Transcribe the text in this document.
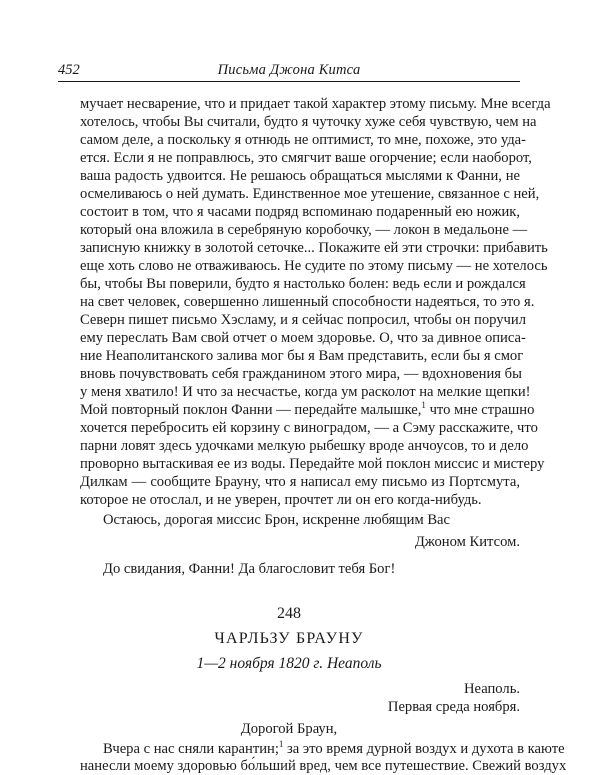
452	Письма Джона Китса
мучает несварение, что и придает такой характер этому письму. Мне всегда
хотелось, чтобы Вы считали, будто я чуточку хуже себя чувствую, чем на
самом деле, а поскольку я отнюдь не оптимист, то мне, похоже, это уда-
ется. Если я не поправлюсь, это смягчит ваше огорчение; если наоборот,
ваша радость удвоится. Не решаюсь обращаться мыслями к Фанни, не
осмеливаюсь о ней думать. Единственное мое утешение, связанное с ней,
состоит в том, что я часами подряд вспоминаю подаренный ею ножик,
который она вложила в серебряную коробочку, — локон в медальоне —
записную книжку в золотой сеточке... Покажите ей эти строчки: прибавить
еще хоть слово не отваживаюсь. Не судите по этому письму — не хотелось
бы, чтобы Вы поверили, будто я настолько болен: ведь если и рождался
на свет человек, совершенно лишенный способности надеяться, то это я.
Северн пишет письмо Хэсламу, и я сейчас попросил, чтобы он поручил
ему переслать Вам свой отчет о моем здоровье. О, что за дивное описа-
ние Неаполитанского залива мог бы я Вам представить, если бы я смог
вновь почувствовать себя гражданином этого мира, — вдохновения бы
у меня хватило! И что за несчастье, когда ум расколот на мелкие щепки!
Мой повторный поклон Фанни — передайте малышке,$^1$ что мне страшно
хочется перебросить ей корзину с виноградом, — а Сэму расскажите, что
парни ловят здесь удочками мелкую рыбешку вроде анчоусов, то и дело
проворно вытаскивая ее из воды. Передайте мой поклон миссис и мистеру
Дилкам — сообщите Брауну, что я написал ему письмо из Портсмута,
которое не отослал, и не уверен, прочтет ли он его когда-нибудь.
Остаюсь, дорогая миссис Брон, искренне любящим Вас
Джоном Китсом.
До свидания, Фанни! Да благословит тебя Бог!
248
ЧАРЛЬЗУ БРАУНУ
1—2 ноября 1820 г. Неаполь
Неаполь.
Первая среда ноября.
Дорогой Браун,
Вчера с нас сняли карантин;$^1$ за это время дурной воздух и духота в каюте
нанесли моему здоровью бо́льший вред, чем все путешествие. Свежий воздух
